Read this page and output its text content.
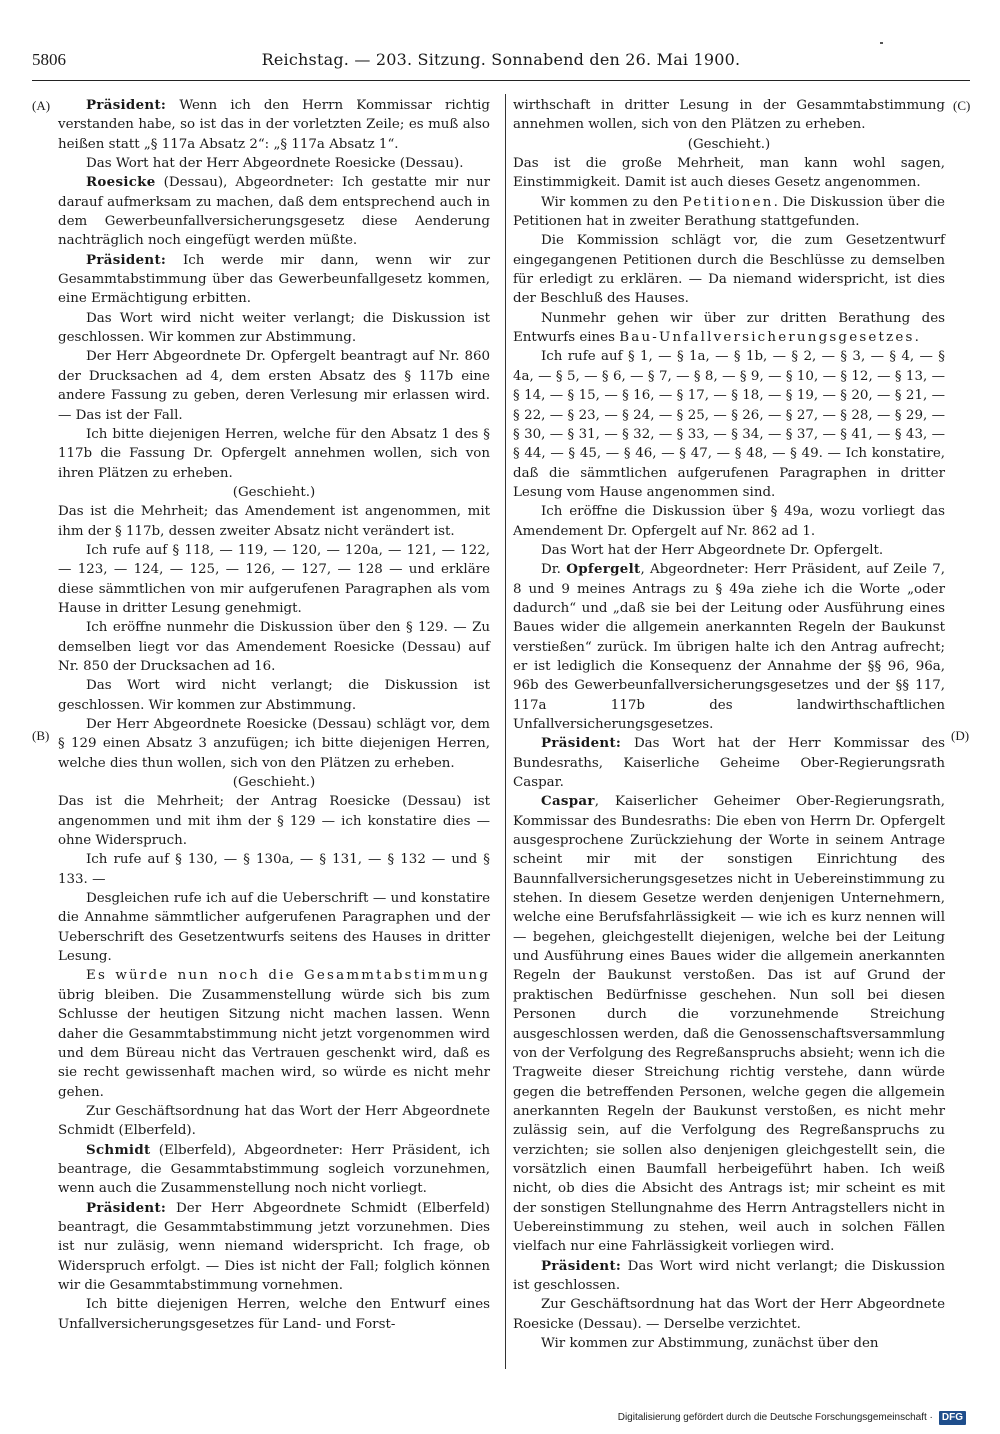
5806	Reichstag. — 203. Sitzung. Sonnabend den 26. Mai 1900.
(A)
(B)
(C)
(D)

Präsident: Wenn ich den Herrn Kommissar richtig verstanden habe, so ist das in der vorletzten Zeile; es muß also heißen statt „§ 117a Absatz 2“: „§ 117a Absatz 1“.

Das Wort hat der Herr Abgeordnete Roesicke (Dessau).

Roesicke (Dessau), Abgeordneter: Ich gestatte mir nur darauf aufmerksam zu machen, daß dem entsprechend auch in dem Gewerbeunfallversicherungsgesetz diese Aenderung nachträglich noch eingefügt werden müßte.

Präsident: Ich werde mir dann, wenn wir zur Gesammtabstimmung über das Gewerbeunfallgesetz kommen, eine Ermächtigung erbitten.

Das Wort wird nicht weiter verlangt; die Diskussion ist geschlossen. Wir kommen zur Abstimmung.

Der Herr Abgeordnete Dr. Opfergelt beantragt auf Nr. 860 der Drucksachen ad 4, dem ersten Absatz des § 117b eine andere Fassung zu geben, deren Verlesung mir erlassen wird. — Das ist der Fall.

Ich bitte diejenigen Herren, welche für den Absatz 1 des § 117b die Fassung Dr. Opfergelt annehmen wollen, sich von ihren Plätzen zu erheben.

(Geschieht.)

Das ist die Mehrheit; das Amendement ist angenommen, mit ihm der § 117b, dessen zweiter Absatz nicht verändert ist.

Ich rufe auf § 118, — 119, — 120, — 120a, — 121, — 122, — 123, — 124, — 125, — 126, — 127, — 128 — und erkläre diese sämmtlichen von mir aufgerufenen Paragraphen als vom Hause in dritter Lesung genehmigt.

Ich eröffne nunmehr die Diskussion über den § 129. — Zu demselben liegt vor das Amendement Roesicke (Dessau) auf Nr. 850 der Drucksachen ad 16.

Das Wort wird nicht verlangt; die Diskussion ist geschlossen. Wir kommen zur Abstimmung.

Der Herr Abgeordnete Roesicke (Dessau) schlägt vor, dem § 129 einen Absatz 3 anzufügen; ich bitte diejenigen Herren, welche dies thun wollen, sich von den Plätzen zu erheben.

(Geschieht.)

Das ist die Mehrheit; der Antrag Roesicke (Dessau) ist angenommen und mit ihm der § 129 — ich konstatire dies — ohne Widerspruch.

Ich rufe auf § 130, — § 130a, — § 131, — § 132 — und § 133. —

Desgleichen rufe ich auf die Ueberschrift — und konstatire die Annahme sämmtlicher aufgerufenen Paragraphen und der Ueberschrift des Gesetzentwurfs seitens des Hauses in dritter Lesung.

Es würde nun noch die Gesammtabstimmung übrig bleiben. Die Zusammenstellung würde sich bis zum Schlusse der heutigen Sitzung nicht machen lassen. Wenn daher die Gesammtabstimmung nicht jetzt vorgenommen wird und dem Büreau nicht das Vertrauen geschenkt wird, daß es sie recht gewissenhaft machen wird, so würde es nicht mehr gehen.

Zur Geschäftsordnung hat das Wort der Herr Abgeordnete Schmidt (Elberfeld).

Schmidt (Elberfeld), Abgeordneter: Herr Präsident, ich beantrage, die Gesammtabstimmung sogleich vorzunehmen, wenn auch die Zusammenstellung noch nicht vorliegt.

Präsident: Der Herr Abgeordnete Schmidt (Elberfeld) beantragt, die Gesammtabstimmung jetzt vorzunehmen. Dies ist nur zuläsig, wenn niemand widerspricht. Ich frage, ob Widerspruch erfolgt. — Dies ist nicht der Fall; folglich können wir die Gesammtabstimmung vornehmen.

Ich bitte diejenigen Herren, welche den Entwurf eines Unfallversicherungsgesetzes für Land- und Forst-

wirthschaft in dritter Lesung in der Gesammtabstimmung annehmen wollen, sich von den Plätzen zu erheben.

(Geschieht.)

Das ist die große Mehrheit, man kann wohl sagen, Einstimmigkeit. Damit ist auch dieses Gesetz angenommen.

Wir kommen zu den Petitionen. Die Diskussion über die Petitionen hat in zweiter Berathung stattgefunden.

Die Kommission schlägt vor, die zum Gesetzentwurf eingegangenen Petitionen durch die Beschlüsse zu demselben für erledigt zu erklären. — Da niemand widerspricht, ist dies der Beschluß des Hauses.

Nunmehr gehen wir über zur dritten Berathung des Entwurfs eines Bau-Unfallversicherungsgesetzes.

Ich rufe auf § 1, — § 1a, — § 1b, — § 2, — § 3, — § 4, — § 4a, — § 5, — § 6, — § 7, — § 8, — § 9, — § 10, — § 12, — § 13, — § 14, — § 15, — § 16, — § 17, — § 18, — § 19, — § 20, — § 21, — § 22, — § 23, — § 24, — § 25, — § 26, — § 27, — § 28, — § 29, — § 30, — § 31, — § 32, — § 33, — § 34, — § 37, — § 41, — § 43, — § 44, — § 45, — § 46, — § 47, — § 48, — § 49. — Ich konstatire, daß die sämmtlichen aufgerufenen Paragraphen in dritter Lesung vom Hause angenommen sind.

Ich eröffne die Diskussion über § 49a, wozu vorliegt das Amendement Dr. Opfergelt auf Nr. 862 ad 1.

Das Wort hat der Herr Abgeordnete Dr. Opfergelt.

Dr. Opfergelt, Abgeordneter: Herr Präsident, auf Zeile 7, 8 und 9 meines Antrags zu § 49a ziehe ich die Worte „oder dadurch“ und „daß sie bei der Leitung oder Ausführung eines Baues wider die allgemein anerkannten Regeln der Baukunst verstießen“ zurück. Im übrigen halte ich den Antrag aufrecht; er ist lediglich die Konsequenz der Annahme der §§ 96, 96a, 96b des Gewerbeunfallversicherungsgesetzes und der §§ 117, 117a 117b des landwirthschaftlichen Unfallversicherungsgesetzes.

Präsident: Das Wort hat der Herr Kommissar des Bundesraths, Kaiserliche Geheime Ober-Regierungsrath Caspar.

Caspar, Kaiserlicher Geheimer Ober-Regierungsrath, Kommissar des Bundesraths: Die eben von Herrn Dr. Opfergelt ausgesprochene Zurückziehung der Worte in seinem Antrage scheint mir mit der sonstigen Einrichtung des Baunnfallversicherungsgesetzes nicht in Uebereinstimmung zu stehen. In diesem Gesetze werden denjenigen Unternehmern, welche eine Berufsfahrlässigkeit — wie ich es kurz nennen will — begehen, gleichgestellt diejenigen, welche bei der Leitung und Ausführung eines Baues wider die allgemein anerkannten Regeln der Baukunst verstoßen. Das ist auf Grund der praktischen Bedürfnisse geschehen. Nun soll bei diesen Personen durch die vorzunehmende Streichung ausgeschlossen werden, daß die Genossenschaftsversammlung von der Verfolgung des Regreßanspruchs absieht; wenn ich die Tragweite dieser Streichung richtig verstehe, dann würde gegen die betreffenden Personen, welche gegen die allgemein anerkannten Regeln der Baukunst verstoßen, es nicht mehr zulässig sein, auf die Verfolgung des Regreßanspruchs zu verzichten; sie sollen also denjenigen gleichgestellt sein, die vorsätzlich einen Baumfall herbeigeführt haben. Ich weiß nicht, ob dies die Absicht des Antrags ist; mir scheint es mit der sonstigen Stellungnahme des Herrn Antragstellers nicht in Uebereinstimmung zu stehen, weil auch in solchen Fällen vielfach nur eine Fahrlässigkeit vorliegen wird.

Präsident: Das Wort wird nicht verlangt; die Diskussion ist geschlossen.

Zur Geschäftsordnung hat das Wort der Herr Abgeordnete Roesicke (Dessau). — Derselbe verzichtet.

Wir kommen zur Abstimmung, zunächst über den

Digitalisierung gefördert durch die Deutsche Forschungsgemeinschaft · DFG
